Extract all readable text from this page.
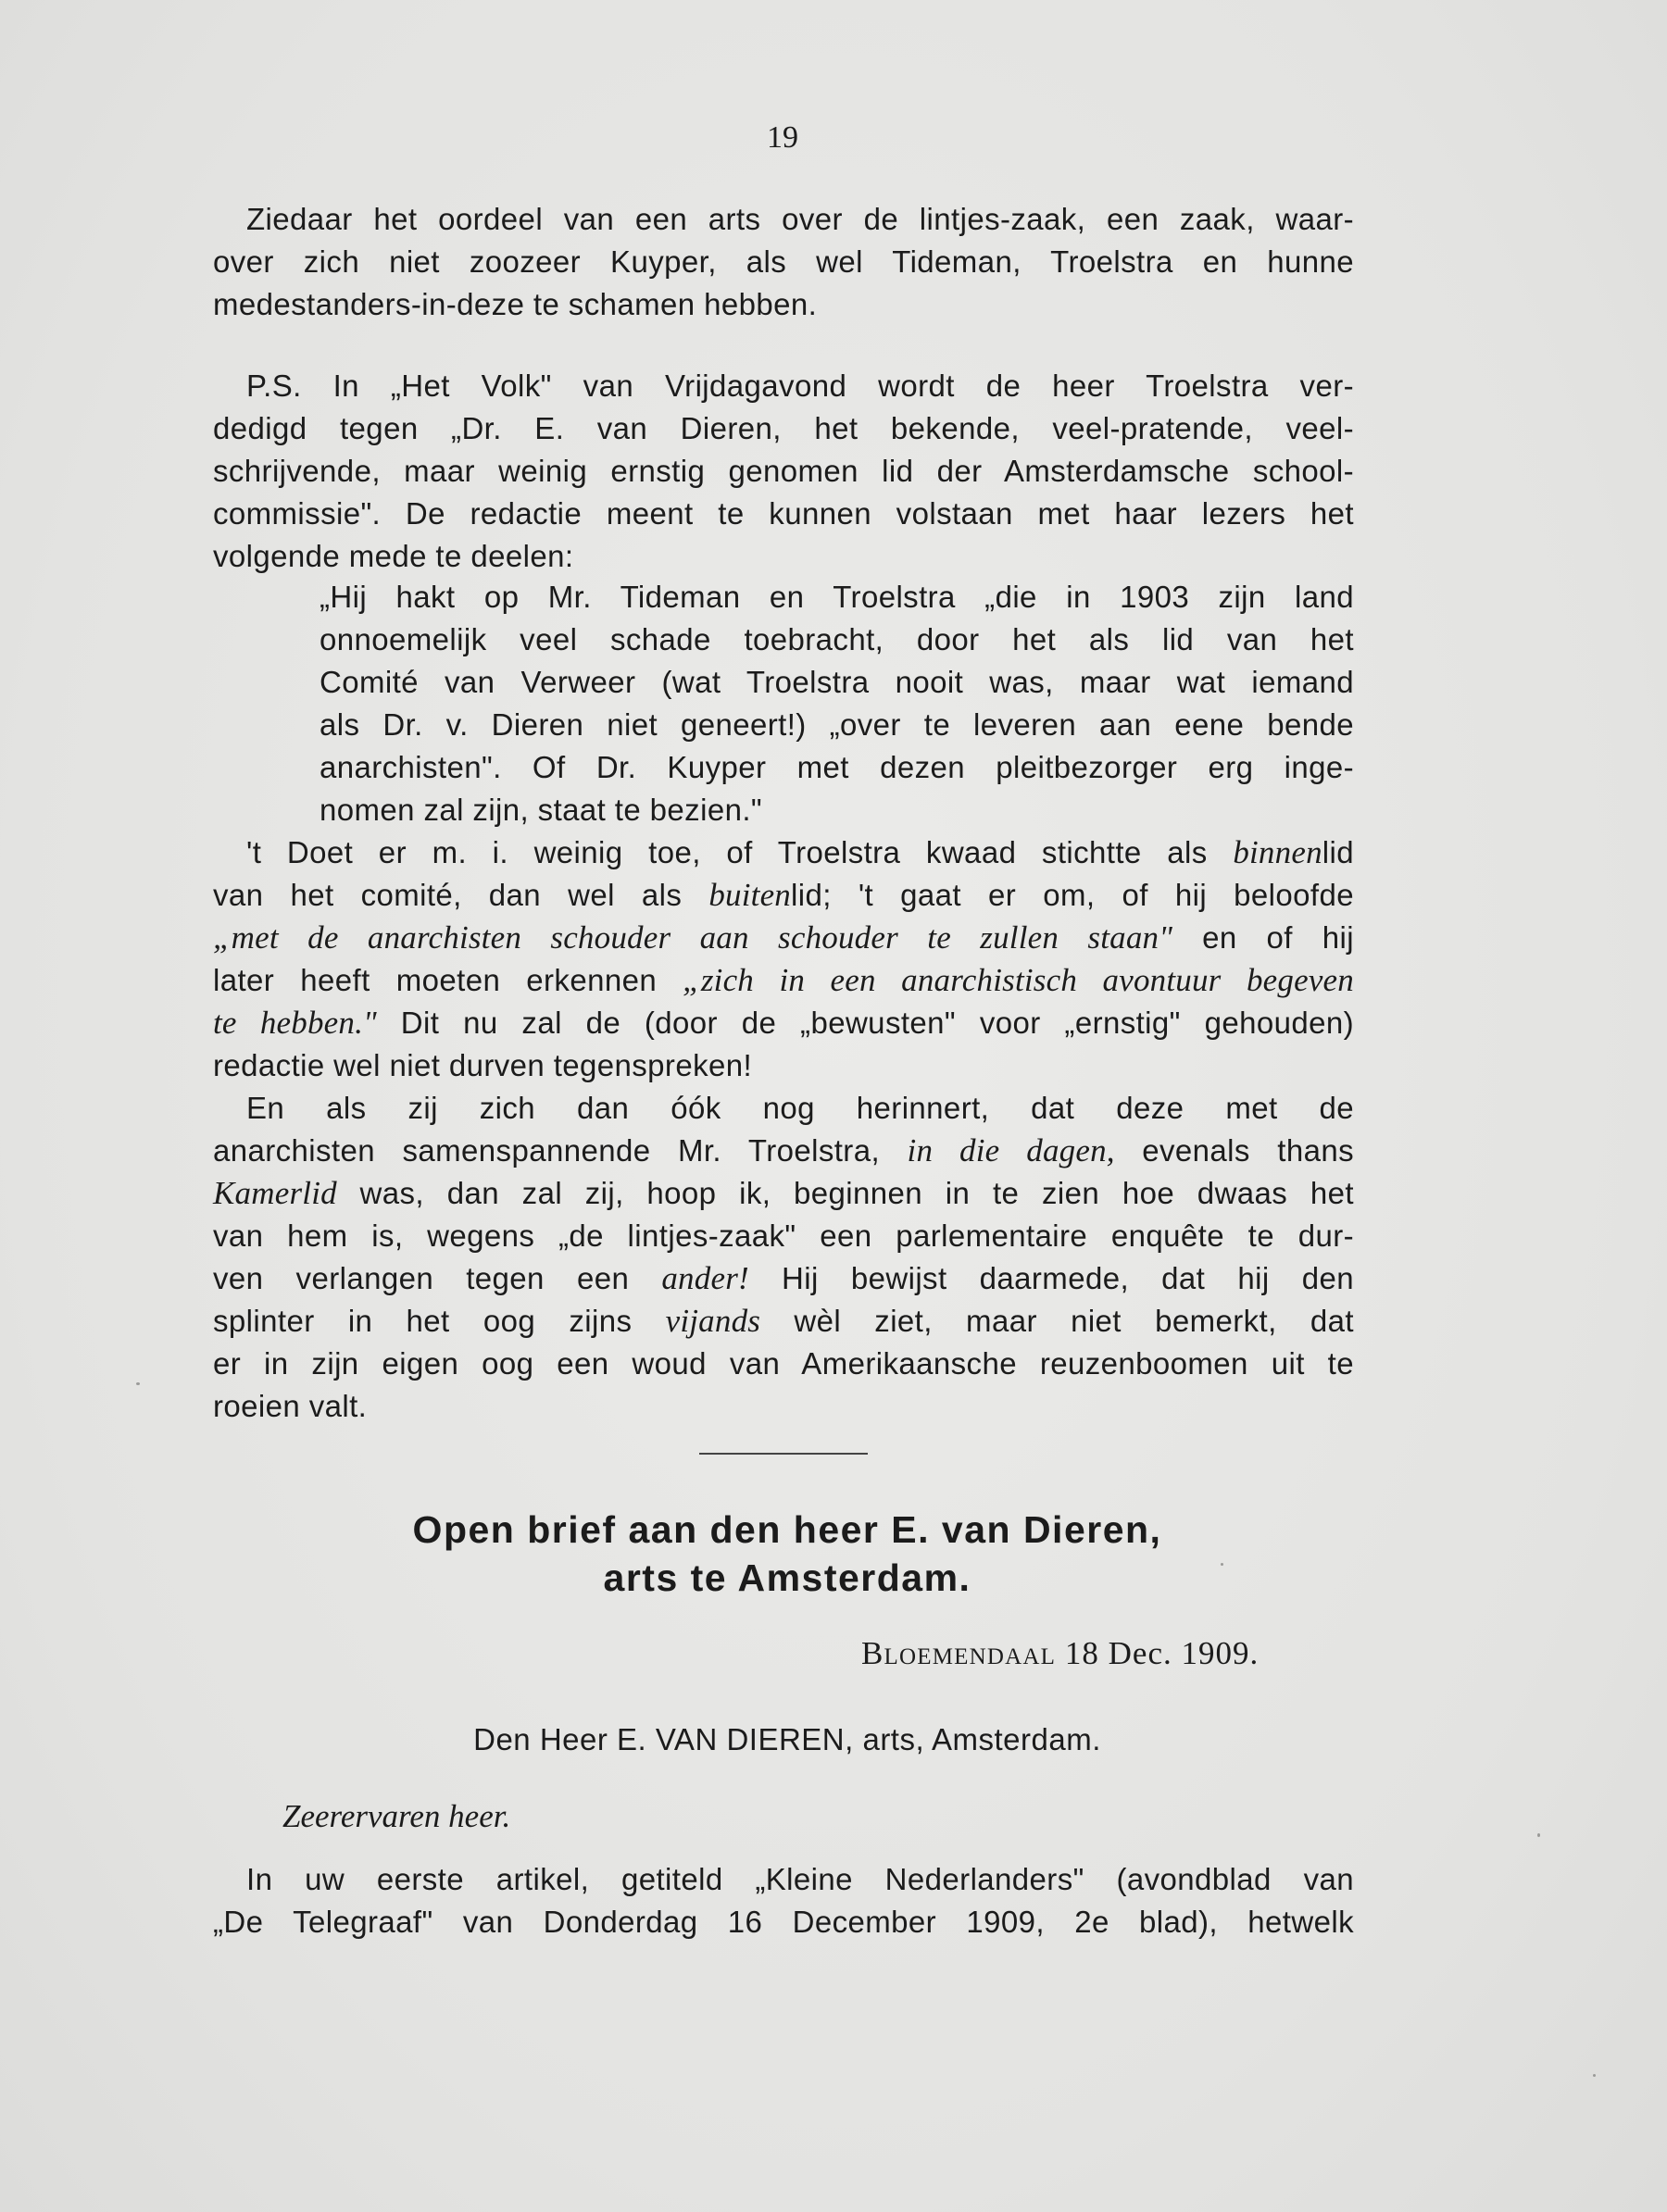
19
Ziedaar het oordeel van een arts over de lintjes-zaak, een zaak, waar-
over zich niet zoozeer Kuyper, als wel Tideman, Troelstra en hunne
medestanders-in-deze te schamen hebben.
P.S. In „Het Volk" van Vrijdagavond wordt de heer Troelstra ver-
dedigd tegen „Dr. E. van Dieren, het bekende, veel-pratende, veel-
schrijvende, maar weinig ernstig genomen lid der Amsterdamsche school-
commissie". De redactie meent te kunnen volstaan met haar lezers het
volgende mede te deelen:
„Hij hakt op Mr. Tideman en Troelstra „die in 1903 zijn land
onnoemelijk veel schade toebracht, door het als lid van het
Comité van Verweer (wat Troelstra nooit was, maar wat iemand
als Dr. v. Dieren niet geneert!) „over te leveren aan eene bende
anarchisten". Of Dr. Kuyper met dezen pleitbezorger erg inge-
nomen zal zijn, staat te bezien."
't Doet er m. i. weinig toe, of Troelstra kwaad stichtte als binnenlid
van het comité, dan wel als buitenlid; 't gaat er om, of hij beloofde
„met de anarchisten schouder aan schouder te zullen staan" en of hij
later heeft moeten erkennen „zich in een anarchistisch avontuur begeven
te hebben." Dit nu zal de (door de „bewusten" voor „ernstig" gehouden)
redactie wel niet durven tegenspreken!
En als zij zich dan óók nog herinnert, dat deze met de
anarchisten samenspannende Mr. Troelstra, in die dagen, evenals thans
Kamerlid was, dan zal zij, hoop ik, beginnen in te zien hoe dwaas het
van hem is, wegens „de lintjes-zaak" een parlementaire enquête te dur-
ven verlangen tegen een ander! Hij bewijst daarmede, dat hij den
splinter in het oog zijns vijands wèl ziet, maar niet bemerkt, dat
er in zijn eigen oog een woud van Amerikaansche reuzenboomen uit te
roeien valt.
Open brief aan den heer E. van Dieren,
arts te Amsterdam.
Bloemendaal 18 Dec. 1909.
Den Heer E. VAN DIEREN, arts, Amsterdam.
Zeerervaren heer.
In uw eerste artikel, getiteld „Kleine Nederlanders" (avondblad van
„De Telegraaf" van Donderdag 16 December 1909, 2e blad), hetwelk
